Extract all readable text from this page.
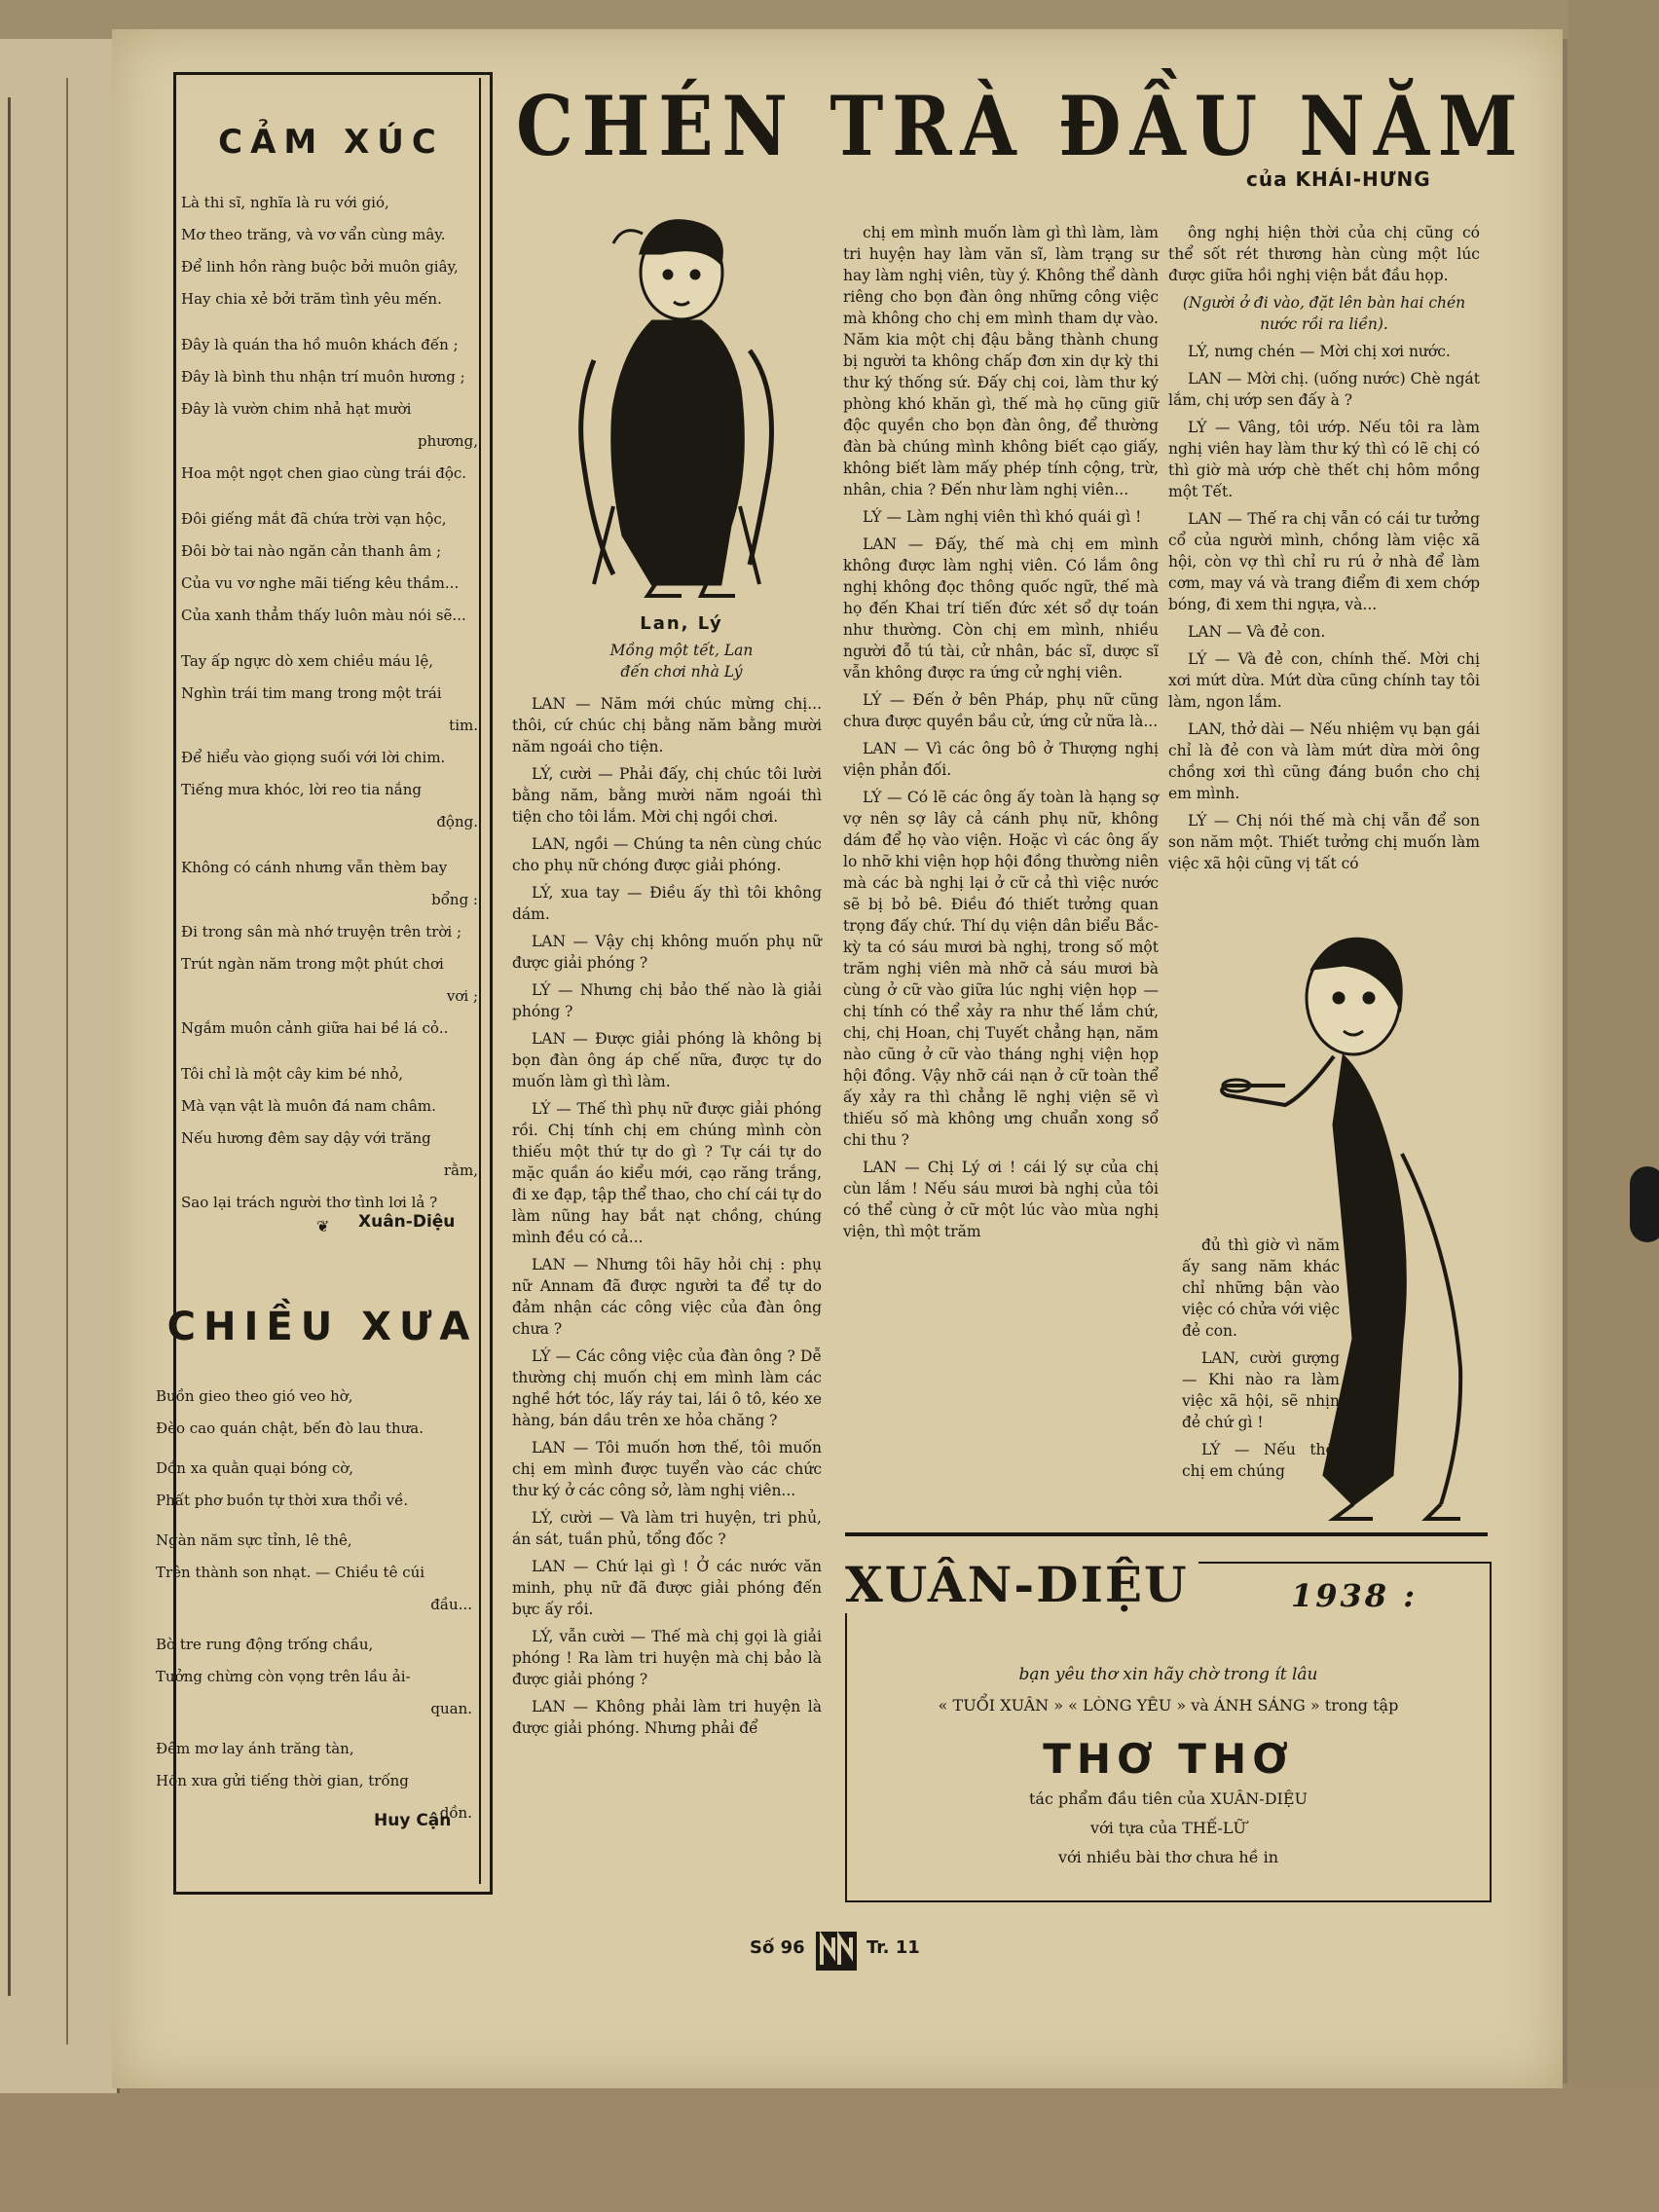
CẢM XÚC
Là thi sĩ, nghĩa là ru với gió,
Mơ theo trăng, và vơ vẩn cùng mây.
Để linh hồn ràng buộc bởi muôn giây,
Hay chia xẻ bởi trăm tình yêu mến.
Đây là quán tha hồ muôn khách đến ;
Đây là bình thu nhận trí muôn hương ;
Đây là vườn chim nhả hạt mười
phương,
Hoa một ngọt chen giao cùng trái độc.
Đôi giếng mắt đã chứa trời vạn hộc,
Đôi bờ tai nào ngăn cản thanh âm ;
Của vu vơ nghe mãi tiếng kêu thầm...
Của xanh thẳm thấy luôn màu nói sẽ...
Tay ấp ngực dò xem chiều máu lệ,
Nghìn trái tim mang trong một trái
tim.
Để hiểu vào giọng suối với lời chim.
Tiếng mưa khóc, lời reo tia nắng
động.
Không có cánh nhưng vẫn thèm bay
bổng :
Đi trong sân mà nhớ truyện trên trời ;
Trút ngàn năm trong một phút chơi
vơi ;
Ngắm muôn cảnh giữa hai bề lá cỏ..
Tôi chỉ là một cây kim bé nhỏ,
Mà vạn vật là muôn đá nam châm.
Nếu hương đêm say dậy với trăng
rằm,
Sao lại trách người thơ tình lơi lả ?
Xuân-Diệu
❦
CHIỀU XƯA
Buồn gieo theo gió veo hờ,
Đèo cao quán chật, bến đò lau thưa.
Dồn xa quằn quại bóng cờ,
Phất phơ buồn tự thời xưa thổi về.
Ngàn năm sực tỉnh, lê thê,
Trên thành son nhạt. — Chiều tê cúi
đầu...
Bờ tre rung động trống chầu,
Tưởng chừng còn vọng trên lầu ải-
quan.
Đêm mơ lay ánh trăng tàn,
Hồn xưa gửi tiếng thời gian, trống
dồn.
Huy Cận
CHÉN TRÀ ĐẦU NĂM
của KHÁI-HƯNG
Lan, Lý
Mồng một tết, Lan đến chơi nhà Lý

LAN — Năm mới chúc mừng chị... thôi, cứ chúc chị bằng năm bằng mười năm ngoái cho tiện.

LÝ, cười — Phải đấy, chị chúc tôi lười bằng năm, bằng mười năm ngoái thì tiện cho tôi lắm. Mời chị ngồi chơi.

LAN, ngồi — Chúng ta nên cùng chúc cho phụ nữ chóng được giải phóng.

LÝ, xua tay — Điều ấy thì tôi không dám.

LAN — Vậy chị không muốn phụ nữ được giải phóng ?

LÝ — Nhưng chị bảo thế nào là giải phóng ?

LAN — Được giải phóng là không bị bọn đàn ông áp chế nữa, được tự do muốn làm gì thì làm.

LÝ — Thế thì phụ nữ được giải phóng rồi. Chị tính chị em chúng mình còn thiếu một thứ tự do gì ? Tự cái tự do mặc quần áo kiểu mới, cạo răng trắng, đi xe đạp, tập thể thao, cho chí cái tự do làm nũng hay bắt nạt chồng, chúng mình đều có cả...

LAN — Nhưng tôi hãy hỏi chị : phụ nữ Annam đã được người ta để tự do đảm nhận các công việc của đàn ông chưa ?

LÝ — Các công việc của đàn ông ? Dễ thường chị muốn chị em mình làm các nghề hớt tóc, lấy ráy tai, lái ô tô, kéo xe hàng, bán dầu trên xe hỏa chăng ?

LAN — Tôi muốn hơn thế, tôi muốn chị em mình được tuyển vào các chức thư ký ở các công sở, làm nghị viên...

LÝ, cười — Và làm tri huyện, tri phủ, án sát, tuần phủ, tổng đốc ?

LAN — Chứ lại gì ! Ở các nước văn minh, phụ nữ đã được giải phóng đến bực ấy rồi.

LÝ, vẫn cười — Thế mà chị gọi là giải phóng ! Ra làm tri huyện mà chị bảo là được giải phóng ?

LAN — Không phải làm tri huyện là được giải phóng. Nhưng phải để

chị em mình muốn làm gì thì làm, làm tri huyện hay làm văn sĩ, làm trạng sư hay làm nghị viên, tùy ý. Không thể dành riêng cho bọn đàn ông những công việc mà không cho chị em mình tham dự vào. Năm kia một chị đậu bằng thành chung bị người ta không chấp đơn xin dự kỳ thi thư ký thống sứ. Đấy chị coi, làm thư ký phòng khó khăn gì, thế mà họ cũng giữ độc quyền cho bọn đàn ông, để thường đàn bà chúng mình không biết cạo giấy, không biết làm mấy phép tính cộng, trừ, nhân, chia ? Đến như làm nghị viên...

LÝ — Làm nghị viên thì khó quái gì !

LAN — Đấy, thế mà chị em mình không được làm nghị viên. Có lắm ông nghị không đọc thông quốc ngữ, thế mà họ đến Khai trí tiến đức xét sổ dự toán như thường. Còn chị em mình, nhiều người đỗ tú tài, cử nhân, bác sĩ, dược sĩ vẫn không được ra ứng cử nghị viên.

LÝ — Đến ở bên Pháp, phụ nữ cũng chưa được quyền bầu cử, ứng cử nữa là...

LAN — Vì các ông bô ở Thượng nghị viện phản đối.

LÝ — Có lẽ các ông ấy toàn là hạng sợ vợ nên sợ lây cả cánh phụ nữ, không dám để họ vào viện. Hoặc vì các ông ấy lo nhỡ khi viện họp hội đồng thường niên mà các bà nghị lại ở cữ cả thì việc nước sẽ bị bỏ bê. Điều đó thiết tưởng quan trọng đấy chứ. Thí dụ viện dân biểu Bắc-kỳ ta có sáu mươi bà nghị, trong số một trăm nghị viên mà nhỡ cả sáu mươi bà cùng ở cữ vào giữa lúc nghị viện họp — chị tính có thể xảy ra như thế lắm chứ, chị, chị Hoan, chị Tuyết chẳng hạn, năm nào cũng ở cữ vào tháng nghị viện họp hội đồng. Vậy nhỡ cái nạn ở cữ toàn thể ấy xảy ra thì chẳng lẽ nghị viện sẽ vì thiếu số mà không ưng chuẩn xong sổ chi thu ?

LAN — Chị Lý ơi ! cái lý sự của chị cùn lắm ! Nếu sáu mươi bà nghị của tôi có thể cùng ở cữ một lúc vào mùa nghị viện, thì một trăm

ông nghị hiện thời của chị cũng có thể sốt rét thương hàn cùng một lúc được giữa hồi nghị viện bắt đầu họp.

(Người ở đi vào, đặt lên bàn hai chén nước rồi ra liền).

LÝ, nưng chén — Mời chị xơi nước.

LAN — Mời chị. (uống nước) Chè ngát lắm, chị ướp sen đấy à ?

LÝ — Vâng, tôi ướp. Nếu tôi ra làm nghị viên hay làm thư ký thì có lẽ chị có thì giờ mà ướp chè thết chị hôm mồng một Tết.

LAN — Thế ra chị vẫn có cái tư tưởng cổ của người mình, chồng làm việc xã hội, còn vợ thì chỉ ru rú ở nhà để làm cơm, may vá và trang điểm đi xem chớp bóng, đi xem thi ngựa, và...

LAN — Và đẻ con.

LÝ — Và đẻ con, chính thế. Mời chị xơi mứt dừa. Mứt dừa cũng chính tay tôi làm, ngon lắm.

LAN, thở dài — Nếu nhiệm vụ bạn gái chỉ là đẻ con và làm mứt dừa mời ông chồng xơi thì cũng đáng buồn cho chị em mình.

LÝ — Chị nói thế mà chị vẫn để son son năm một. Thiết tưởng chị muốn làm việc xã hội cũng vị tất có

đủ thì giờ vì năm ấy sang năm khác chỉ những bận vào việc có chửa với việc đẻ con.

LAN, cười gượng — Khi nào ra làm việc xã hội, sẽ nhịn đẻ chứ gì !

LÝ — Nếu thế, chị em chúng

XUÂN-DIỆU	1938 :
bạn yêu thơ xin hãy chờ trong ít lâu
« TUỔI XUÂN » « LÒNG YÊU » và ÁNH SÁNG » trong tập
THƠ THƠ
tác phẩm đầu tiên của XUÂN-DIỆU
với tựa của THẾ-LỮ
với nhiều bài thơ chưa hề in
Số 96	Tr. 11
